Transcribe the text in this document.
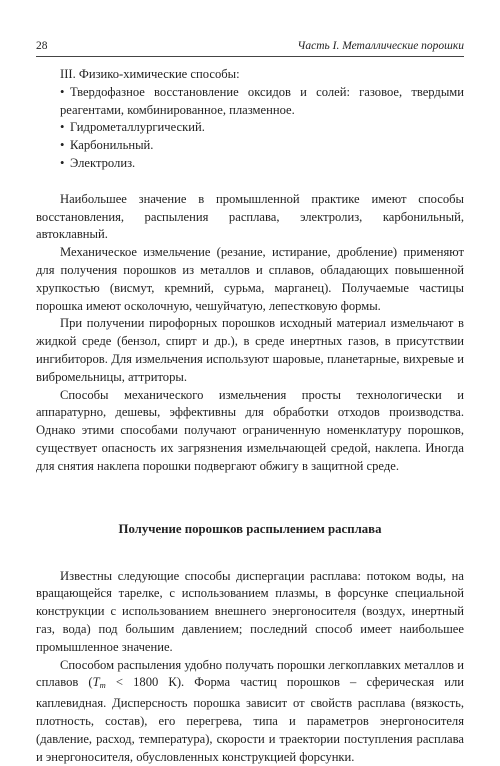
28	Часть I. Металлические порошки

III. Физико-химические способы:

• Твердофазное восстановление оксидов и солей: газовое, твердыми реагентами, комбинированное, плазменное.

• Гидрометаллургический.

• Карбонильный.

• Электролиз.

Наибольшее значение в промышленной практике имеют способы восстановления, распыления расплава, электролиз, карбонильный, автоклавный.

Механическое измельчение (резание, истирание, дробление) применяют для получения порошков из металлов и сплавов, обладающих повышенной хрупкостью (висмут, кремний, сурьма, марганец). Получаемые частицы порошка имеют осколочную, чешуйчатую, лепестковую формы.

При получении пирофорных порошков исходный материал измельчают в жидкой среде (бензол, спирт и др.), в среде инертных газов, в присутствии ингибиторов. Для измельчения используют шаровые, планетарные, вихревые и вибромельницы, аттриторы.

Способы механического измельчения просты технологически и аппаратурно, дешевы, эффективны для обработки отходов производства. Однако этими способами получают ограниченную номенклатуру порошков, существует опасность их загрязнения измельчающей средой, наклепа. Иногда для снятия наклепа порошки подвергают обжигу в защитной среде.

Получение порошков распылением расплава

Известны следующие способы диспергации расплава: потоком воды, на вращающейся тарелке, с использованием плазмы, в форсунке специальной конструкции с использованием внешнего энергоносителя (воздух, инертный газ, вода) под большим давлением; последний способ имеет наибольшее промышленное значение.

Способом распыления удобно получать порошки легкоплавких металлов и сплавов ($T_m < 1800$ К). Форма частиц порошков – сферическая или каплевидная. Дисперсность порошка зависит от свойств расплава (вязкость, плотность, состав), его перегрева, типа и параметров энергоносителя (давление, расход, температура), скорости и траектории поступления расплава и энергоносителя, обусловленных конструкцией форсунки.
